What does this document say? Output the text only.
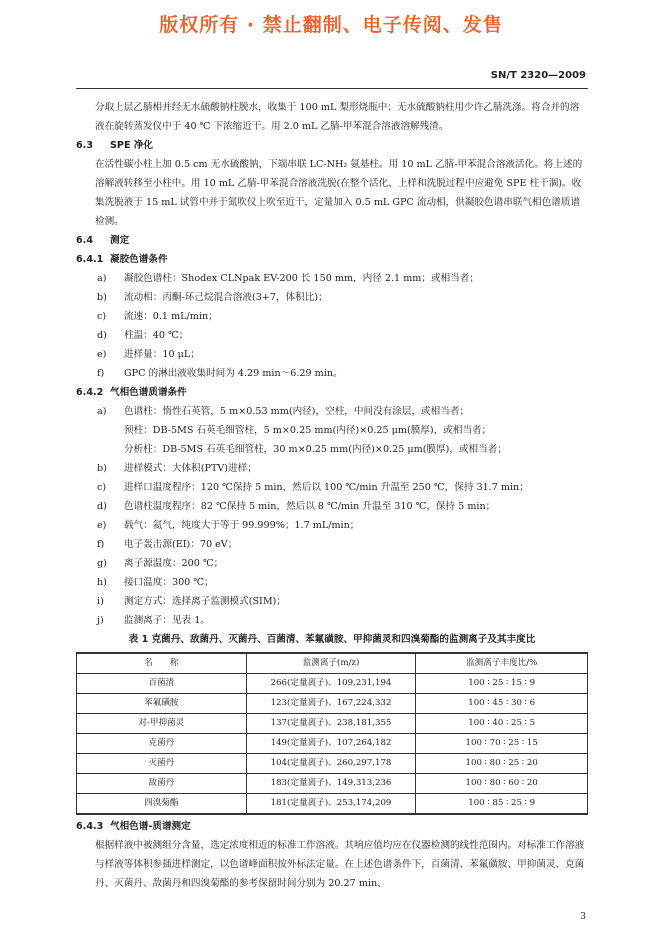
版权所有 · 禁止翻制、电子传阅、发售
SN/T 2320—2009

分取上层乙腈相并经无水硫酸钠柱脱水，收集于 100 mL 梨形烧瓶中；无水硫酸钠柱用少许乙腈洗涤。将合并的溶液在旋转蒸发仪中于 40 ℃ 下浓缩近干。用 2.0 mL 乙腈-甲苯混合溶液溶解残渣。

6.3 SPE 净化

在活性碳小柱上加 0.5 cm 无水硫酸钠，下端串联 LC-NH₂ 氨基柱。用 10 mL 乙腈-甲苯混合溶液活化。将上述的溶解液转移至小柱中。用 10 mL 乙腈-甲苯混合溶液洗脱(在整个活化、上样和洗脱过程中应避免 SPE 柱干涸)。收集洗脱液于 15 mL 试管中并于氮吹仪上吹至近干，定量加入 0.5 mL GPC 流动相，供凝胶色谱串联气相色谱质谱检测。

6.4 测定

6.4.1 凝胶色谱条件

a)	凝胶色谱柱：Shodex CLNpak EV-200 长 150 mm，内径 2.1 mm；或相当者；

b)	流动相：丙酮-环己烷混合溶液(3+7，体积比)；

c)	流速：0.1 mL/min；

d)	柱温：40 ℃；

e)	进样量：10 μL；

f)	GPC 的淋出液收集时间为 4.29 min～6.29 min。

6.4.2 气相色谱质谱条件

a)	色谱柱：惰性石英管，5 m×0.53 mm(内径)，空柱，中间没有涂层，或相当者；

预柱：DB-5MS 石英毛细管柱，5 m×0.25 mm(内径)×0.25 μm(膜厚)，或相当者；

分析柱：DB-5MS 石英毛细管柱，30 m×0.25 mm(内径)×0.25 μm(膜厚)，或相当者；

b)	进样模式：大体积(PTV)进样；

c)	进样口温度程序：120 ℃保持 5 min，然后以 100 ℃/min 升温至 250 ℃，保持 31.7 min；

d)	色谱柱温度程序：82 ℃保持 5 min，然后以 8 ℃/min 升温至 310 ℃，保持 5 min；

e)	载气：氦气，纯度大于等于 99.999%；1.7 mL/min；

f)	电子轰击源(EI)：70 eV；

g)	离子源温度：200 ℃；

h)	接口温度：300 ℃；

i)	测定方式：选择离子监测模式(SIM)；

j)	监测离子：见表 1。

表 1 克菌丹、敌菌丹、灭菌丹、百菌清、苯氟磺胺、甲抑菌灵和四溴菊酯的监测离子及其丰度比

名　　称	监测离子(m/z)	监测离子丰度比/%
百菌清	266(定量离子)、109,231,194	100 ∶ 25 ∶ 15 ∶ 9
苯氟磺胺	123(定量离子)、167,224,332	100 ∶ 45 ∶ 30 ∶ 6
对-甲抑菌灵	137(定量离子)、238,181,355	100 ∶ 40 ∶ 25 ∶ 5
克菌丹	149(定量离子)、107,264,182	100 ∶ 70 ∶ 25 ∶ 15
灭菌丹	104(定量离子)、260,297,178	100 ∶ 80 ∶ 25 ∶ 20
敌菌丹	183(定量离子)、149,313,236	100 ∶ 80 ∶ 60 ∶ 20
四溴菊酯	181(定量离子)、253,174,209	100 ∶ 85 ∶ 25 ∶ 9

6.4.3 气相色谱-质谱测定

根据样液中被测组分含量，选定浓度相近的标准工作溶液。其响应值均应在仪器检测的线性范围内。对标准工作溶液与样液等体积参插进样测定，以色谱峰面积按外标法定量。在上述色谱条件下，百菌清、苯氟磺胺、甲抑菌灵、克菌丹、灭菌丹、敌菌丹和四溴菊酯的参考保留时间分别为 20.27 min、

3
